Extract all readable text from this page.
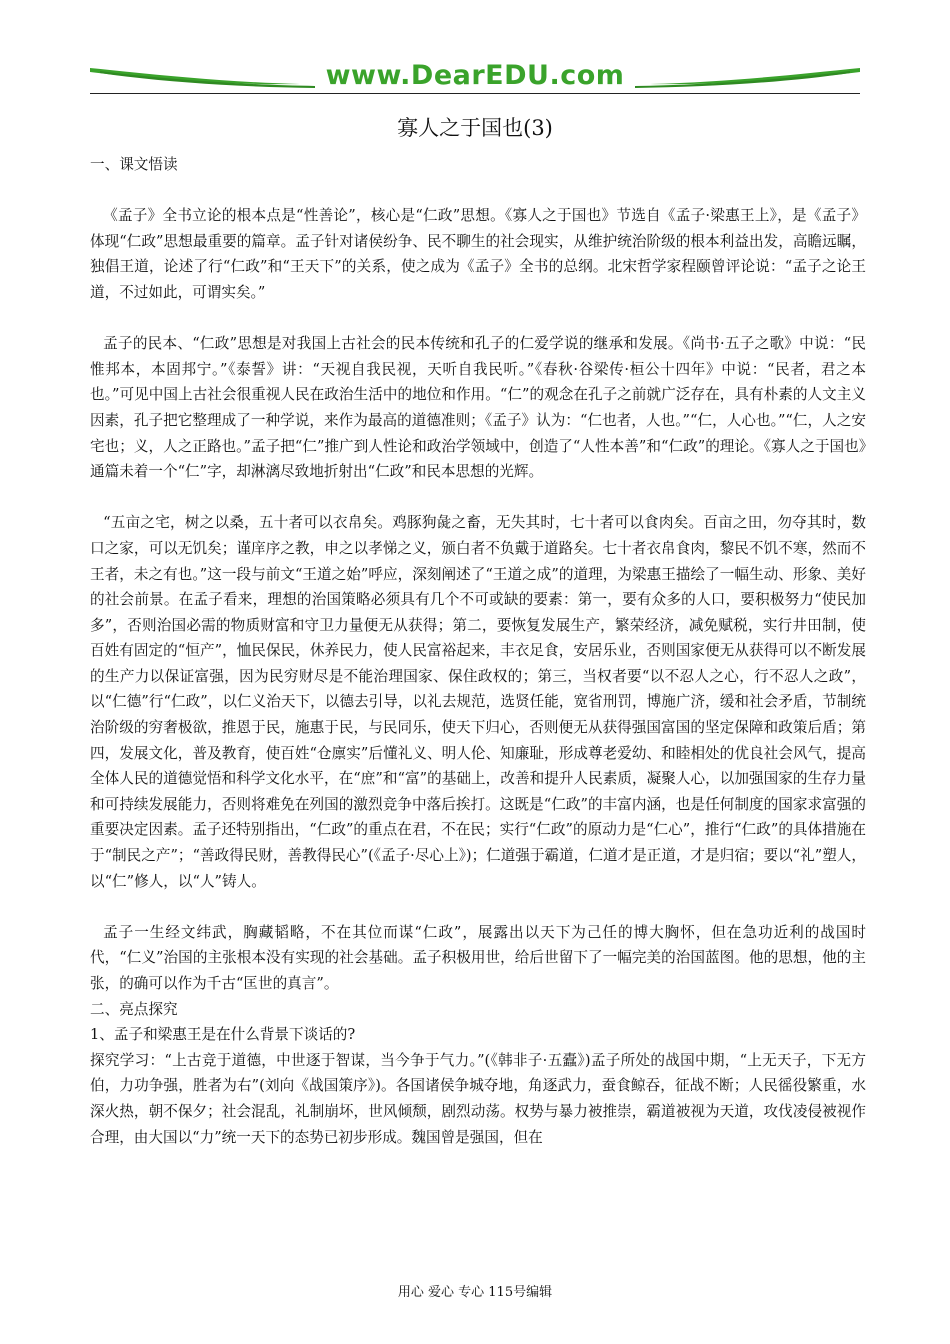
www.DearEDU.com
寡人之于国也(3)

一、课文悟读

《孟子》全书立论的根本点是“性善论”，核心是“仁政”思想。《寡人之于国也》节选自《孟子·梁惠王上》，是《孟子》体现“仁政”思想最重要的篇章。孟子针对诸侯纷争、民不聊生的社会现实，从维护统治阶级的根本利益出发，高瞻远瞩，独倡王道，论述了行“仁政”和“王天下”的关系，使之成为《孟子》全书的总纲。北宋哲学家程颐曾评论说：“孟子之论王道，不过如此，可谓实矣。”

孟子的民本、“仁政”思想是对我国上古社会的民本传统和孔子的仁爱学说的继承和发展。《尚书·五子之歌》中说：“民惟邦本，本固邦宁。”《泰誓》讲：“天视自我民视，天听自我民听。”《春秋·谷梁传·桓公十四年》中说：“民者，君之本也。”可见中国上古社会很重视人民在政治生活中的地位和作用。“仁”的观念在孔子之前就广泛存在，具有朴素的人文主义因素，孔子把它整理成了一种学说，来作为最高的道德准则；《孟子》认为：“仁也者，人也。”“仁，人心也。”“仁，人之安宅也；义，人之正路也。”孟子把“仁”推广到人性论和政治学领域中，创造了“人性本善”和“仁政”的理论。《寡人之于国也》通篇未着一个“仁”字，却淋漓尽致地折射出“仁政”和民本思想的光辉。

“五亩之宅，树之以桑，五十者可以衣帛矣。鸡豚狗彘之畜，无失其时，七十者可以食肉矣。百亩之田，勿夺其时，数口之家，可以无饥矣；谨庠序之教，申之以孝悌之义，颁白者不负戴于道路矣。七十者衣帛食肉，黎民不饥不寒，然而不王者，未之有也。”这一段与前文“王道之始”呼应，深刻阐述了“王道之成”的道理，为梁惠王描绘了一幅生动、形象、美好的社会前景。在孟子看来，理想的治国策略必须具有几个不可或缺的要素：第一，要有众多的人口，要积极努力“使民加多”，否则治国必需的物质财富和守卫力量便无从获得；第二，要恢复发展生产，繁荣经济，减免赋税，实行井田制，使百姓有固定的“恒产”，恤民保民，休养民力，使人民富裕起来，丰衣足食，安居乐业，否则国家便无从获得可以不断发展的生产力以保证富强，因为民穷财尽是不能治理国家、保住政权的；第三，当权者要“以不忍人之心，行不忍人之政”，以“仁德”行“仁政”，以仁义治天下，以德去引导，以礼去规范，选贤任能，宽省刑罚，博施广济，缓和社会矛盾，节制统治阶级的穷奢极欲，推恩于民，施惠于民，与民同乐，使天下归心，否则便无从获得强国富国的坚定保障和政策后盾；第四，发展文化，普及教育，使百姓“仓廪实”后懂礼义、明人伦、知廉耻，形成尊老爱幼、和睦相处的优良社会风气，提高全体人民的道德觉悟和科学文化水平，在“庶”和“富”的基础上，改善和提升人民素质，凝聚人心，以加强国家的生存力量和可持续发展能力，否则将难免在列国的激烈竞争中落后挨打。这既是“仁政”的丰富内涵，也是任何制度的国家求富强的重要决定因素。孟子还特别指出，“仁政”的重点在君，不在民；实行“仁政”的原动力是“仁心”，推行“仁政”的具体措施在于“制民之产”；“善政得民财，善教得民心”(《孟子·尽心上》)；仁道强于霸道，仁道才是正道，才是归宿；要以“礼”塑人，以“仁”修人，以“人”铸人。

孟子一生经文纬武，胸藏韬略，不在其位而谋“仁政”，展露出以天下为己任的博大胸怀，但在急功近利的战国时代，“仁义”治国的主张根本没有实现的社会基础。孟子积极用世，给后世留下了一幅完美的治国蓝图。他的思想，他的主张，的确可以作为千古“匡世的真言”。

二、亮点探究

1、孟子和梁惠王是在什么背景下谈话的?

探究学习：“上古竞于道德，中世逐于智谋，当今争于气力。”(《韩非子·五蠹》)孟子所处的战国中期，“上无天子，下无方伯，力功争强，胜者为右”(刘向《战国策序》)。各国诸侯争城夺地，角逐武力，蚕食鲸吞，征战不断；人民徭役繁重，水深火热，朝不保夕；社会混乱，礼制崩坏，世风倾颓，剧烈动荡。权势与暴力被推崇，霸道被视为天道，攻伐凌侵被视作合理，由大国以“力”统一天下的态势已初步形成。魏国曾是强国，但在

用心 爱心 专心 115号编辑
